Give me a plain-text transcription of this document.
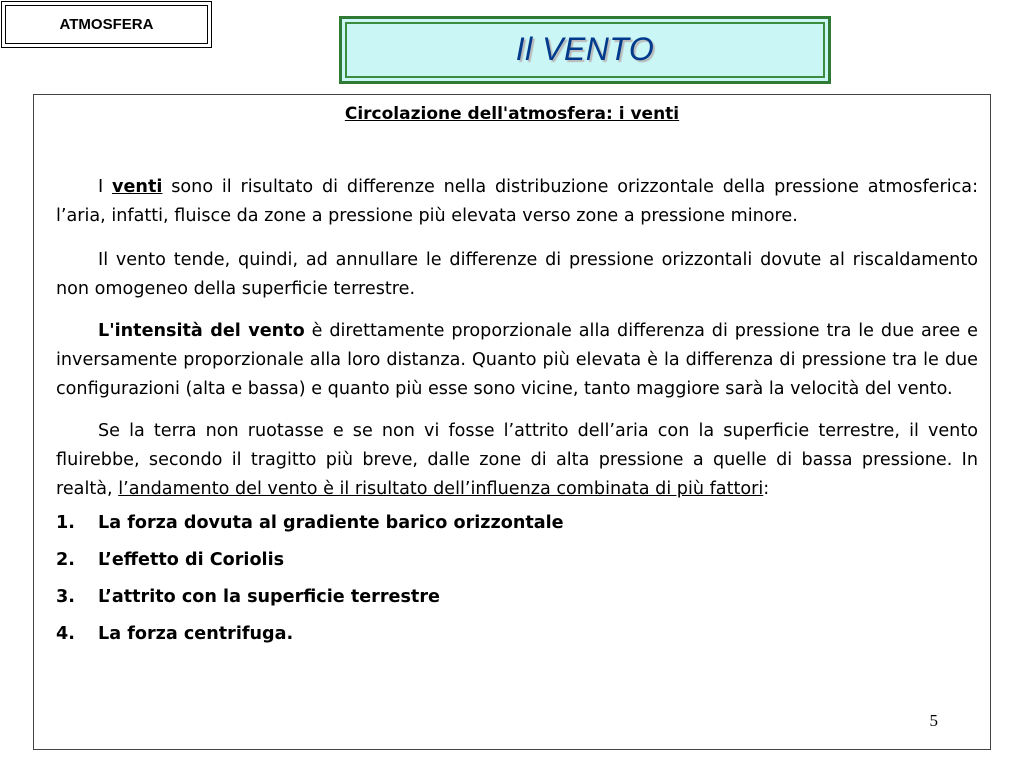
ATMOSFERA
Il VENTO
Circolazione dell'atmosfera: i venti

I venti sono il risultato di differenze nella distribuzione orizzontale della pressione atmosferica: l’aria, infatti, fluisce da zone a pressione più elevata verso zone a pressione minore.

Il vento tende, quindi, ad annullare le differenze di pressione orizzontali dovute al riscaldamento non omogeneo della superficie terrestre.

L'intensità del vento è direttamente proporzionale alla differenza di pressione tra le due aree e inversamente proporzionale alla loro distanza. Quanto più elevata è la differenza di pressione tra le due configurazioni (alta e bassa) e quanto più esse sono vicine, tanto maggiore sarà la velocità del vento.

Se la terra non ruotasse e se non vi fosse l’attrito dell’aria con la superficie terrestre, il vento fluirebbe, secondo il tragitto più breve, dalle zone di alta pressione a quelle di bassa pressione. In realtà, l’andamento del vento è il risultato dell’influenza combinata di più fattori:

1.	La forza dovuta al gradiente barico orizzontale
2.	L’effetto di Coriolis
3.	L’attrito con la superficie terrestre
4.	La forza centrifuga.
5
